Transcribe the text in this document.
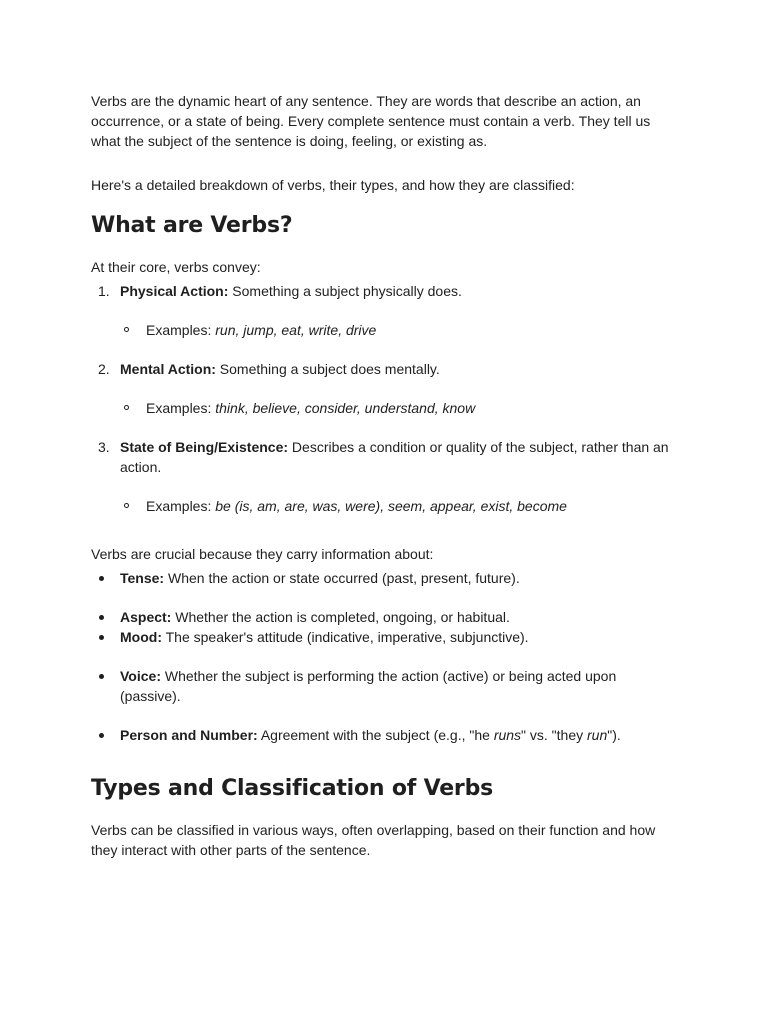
Verbs are the dynamic heart of any sentence. They are words that describe an action, an occurrence, or a state of being. Every complete sentence must contain a verb. They tell us what the subject of the sentence is doing, feeling, or existing as.

Here's a detailed breakdown of verbs, their types, and how they are classified:

What are Verbs?

At their core, verbs convey:

1. Physical Action: Something a subject physically does.
Examples: run, jump, eat, write, drive
2. Mental Action: Something a subject does mentally.
Examples: think, believe, consider, understand, know
3. State of Being/Existence: Describes a condition or quality of the subject, rather than an action.
Examples: be (is, am, are, was, were), seem, appear, exist, become

Verbs are crucial because they carry information about:

Tense: When the action or state occurred (past, present, future).
Aspect: Whether the action is completed, ongoing, or habitual.
Mood: The speaker's attitude (indicative, imperative, subjunctive).
Voice: Whether the subject is performing the action (active) or being acted upon (passive).
Person and Number: Agreement with the subject (e.g., "he runs" vs. "they run").
Types and Classification of Verbs

Verbs can be classified in various ways, often overlapping, based on their function and how they interact with other parts of the sentence.
